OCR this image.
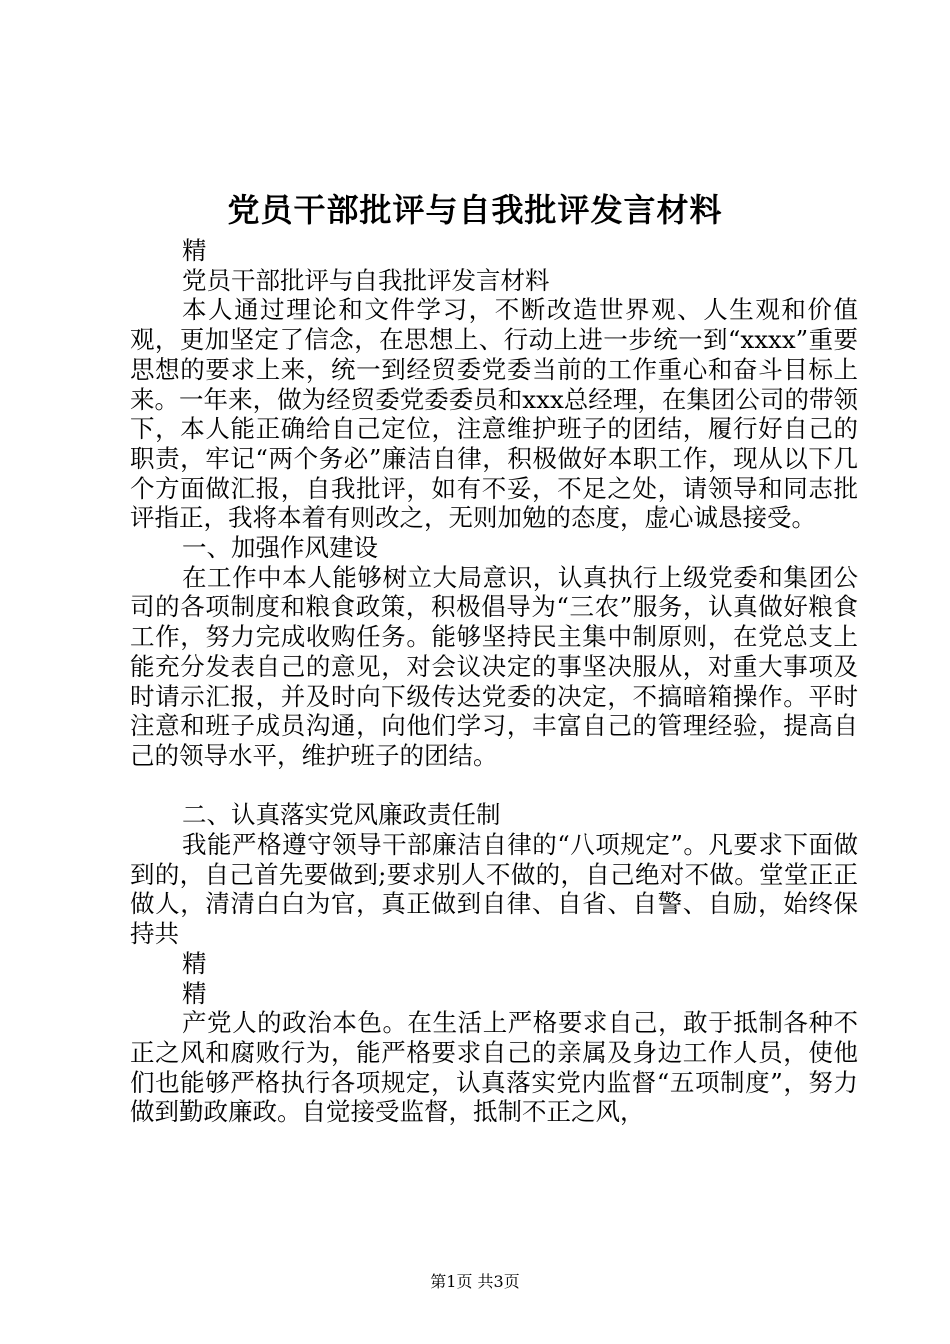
党员干部批评与自我批评发言材料

精

党员干部批评与自我批评发言材料

本人通过理论和文件学习，不断改造世界观、人生观和价值观，更加坚定了信念，在思想上、行动上进一步统一到“xxxx”重要思想的要求上来，统一到经贸委党委当前的工作重心和奋斗目标上来。一年来，做为经贸委党委委员和xxx总经理，在集团公司的带领下，本人能正确给自己定位，注意维护班子的团结，履行好自己的职责，牢记“两个务必”廉洁自律，积极做好本职工作，现从以下几个方面做汇报，自我批评，如有不妥，不足之处，请领导和同志批评指正，我将本着有则改之，无则加勉的态度，虚心诚恳接受。

一、加强作风建设

在工作中本人能够树立大局意识，认真执行上级党委和集团公司的各项制度和粮食政策，积极倡导为“三农”服务，认真做好粮食工作，努力完成收购任务。能够坚持民主集中制原则，在党总支上能充分发表自己的意见，对会议决定的事坚决服从，对重大事项及时请示汇报，并及时向下级传达党委的决定，不搞暗箱操作。平时注意和班子成员沟通，向他们学习，丰富自己的管理经验，提高自己的领导水平，维护班子的团结。

二、认真落实党风廉政责任制

我能严格遵守领导干部廉洁自律的“八项规定”。凡要求下面做到的，自己首先要做到;要求别人不做的，自己绝对不做。堂堂正正做人，清清白白为官，真正做到自律、自省、自警、自励，始终保持共

精

精

产党人的政治本色。在生活上严格要求自己，敢于抵制各种不正之风和腐败行为，能严格要求自己的亲属及身边工作人员，使他们也能够严格执行各项规定，认真落实党内监督“五项制度”，努力做到勤政廉政。自觉接受监督，抵制不正之风，

第1页 共3页
